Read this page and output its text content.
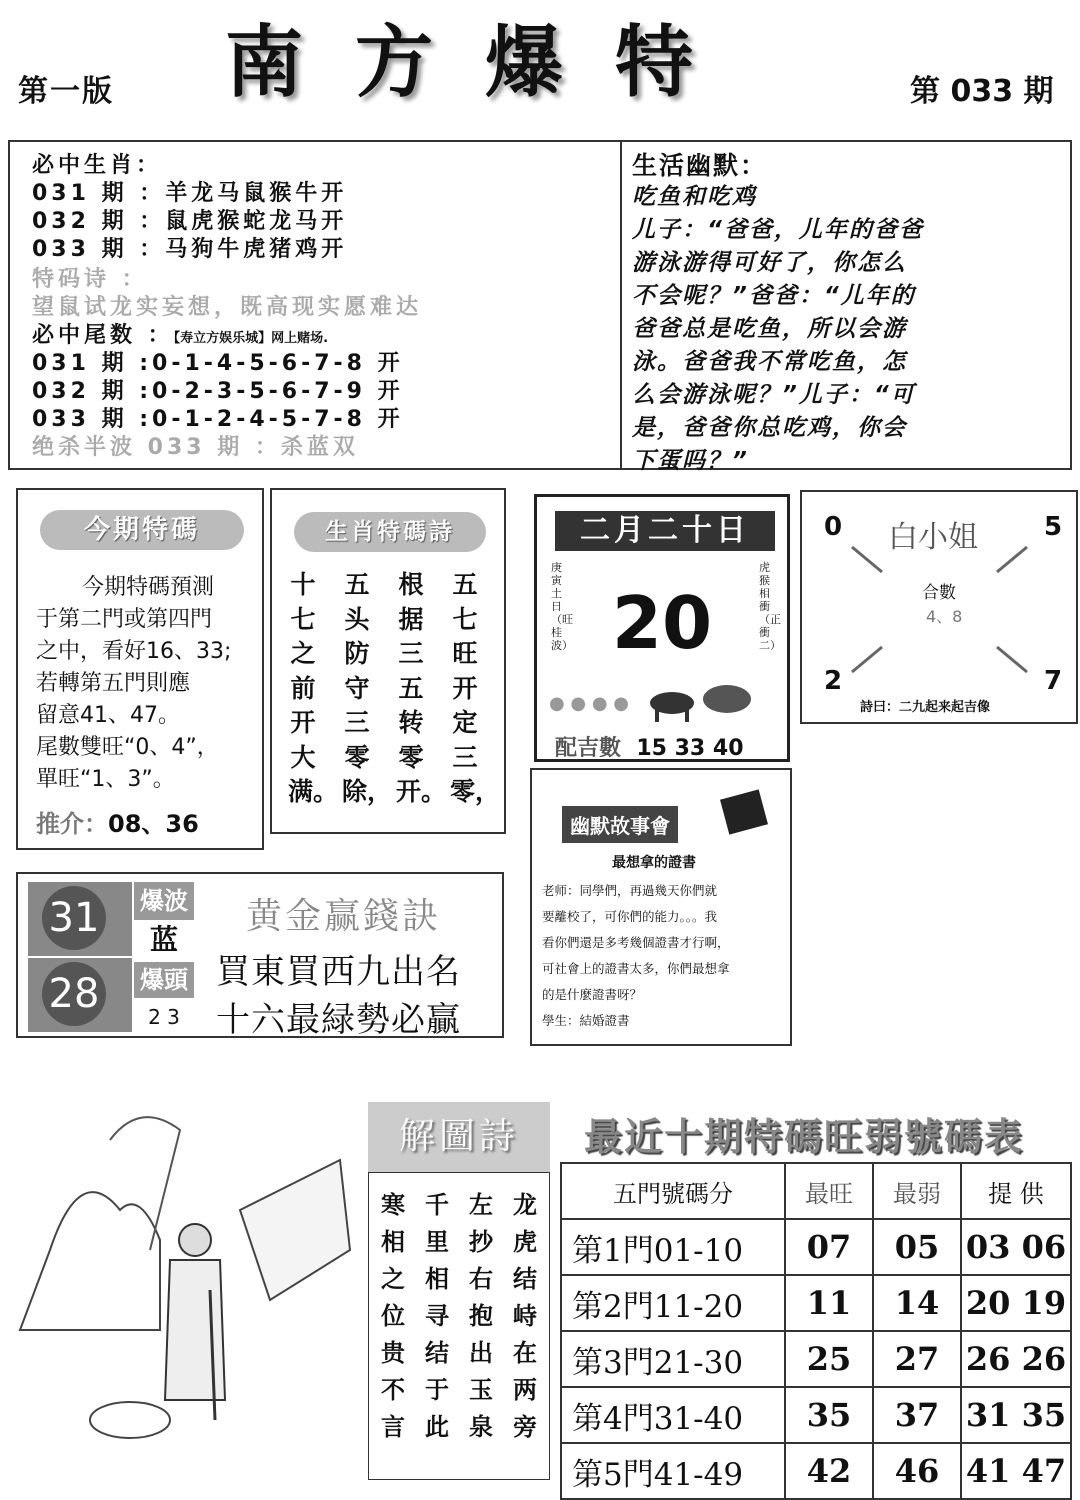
第一版 南方爆特	第 033 期
必中生肖：
031 期 ：羊龙马鼠猴牛开
032 期 ：鼠虎猴蛇龙马开
033 期 ：马狗牛虎猪鸡开
特码诗 ：
望鼠试龙实妄想，既高现实愿难达
必中尾数 ：【寿立方娱乐城】网上赌场.
031 期 :0-1-4-5-6-7-8 开
032 期 :0-2-3-5-6-7-9 开
033 期 :0-1-2-4-5-7-8 开
绝杀半波 033 期 ：杀蓝双
生活幽默：
吃鱼和吃鸡
儿子：“爸爸，儿年的爸爸
游泳游得可好了，你怎么
不会呢？”爸爸：“儿年的
爸爸总是吃鱼，所以会游
泳。爸爸我不常吃鱼，怎
么会游泳呢？”儿子：“可
是，爸爸你总吃鸡，你会
下蛋吗？”
今期特碼
今期特碼預測
于第二門或第四門
之中，看好16、33;
若轉第五門則應
留意41、47。
尾數雙旺“0、4”，
單旺“1、3”。
推介：08、36
生肖特碼詩
五七旺开定三零，
根据三五转零开。
五头防守三零除，
十七之前开大满。
二月二十日
庚寅土日（旺桂波）
虎猴相衝（正衝二）
20
● ● ● ●
配吉數 15 33 40
白小姐
0	5
2	7
合數
4、8
詩曰：二九起来起吉像
幽默故事會
最想拿的證書
老师：同學們，再過幾天你們就
要離校了，可你們的能力。。。我
看你們還是多考幾個證書才行啊，
可社會上的證書太多，你們最想拿
的是什麼證書呀？
學生：結婚證書
31
28
爆波
蓝
爆頭
2 3
黄金赢錢訣
買東買西九出名
十六最緑勢必贏
解圖詩
龙虎结峙在两旁
左抄右抱出玉泉
千里相寻结于此
寒相之位贵不言
最近十期特碼旺弱號碼表
五門號碼分	最旺	最弱	提 供
第1門01-10	07	05	03 06
第2門11-20	11	14	20 19
第3門21-30	25	27	26 26
第4門31-40	35	37	31 35
第5門41-49	42	46	41 47
